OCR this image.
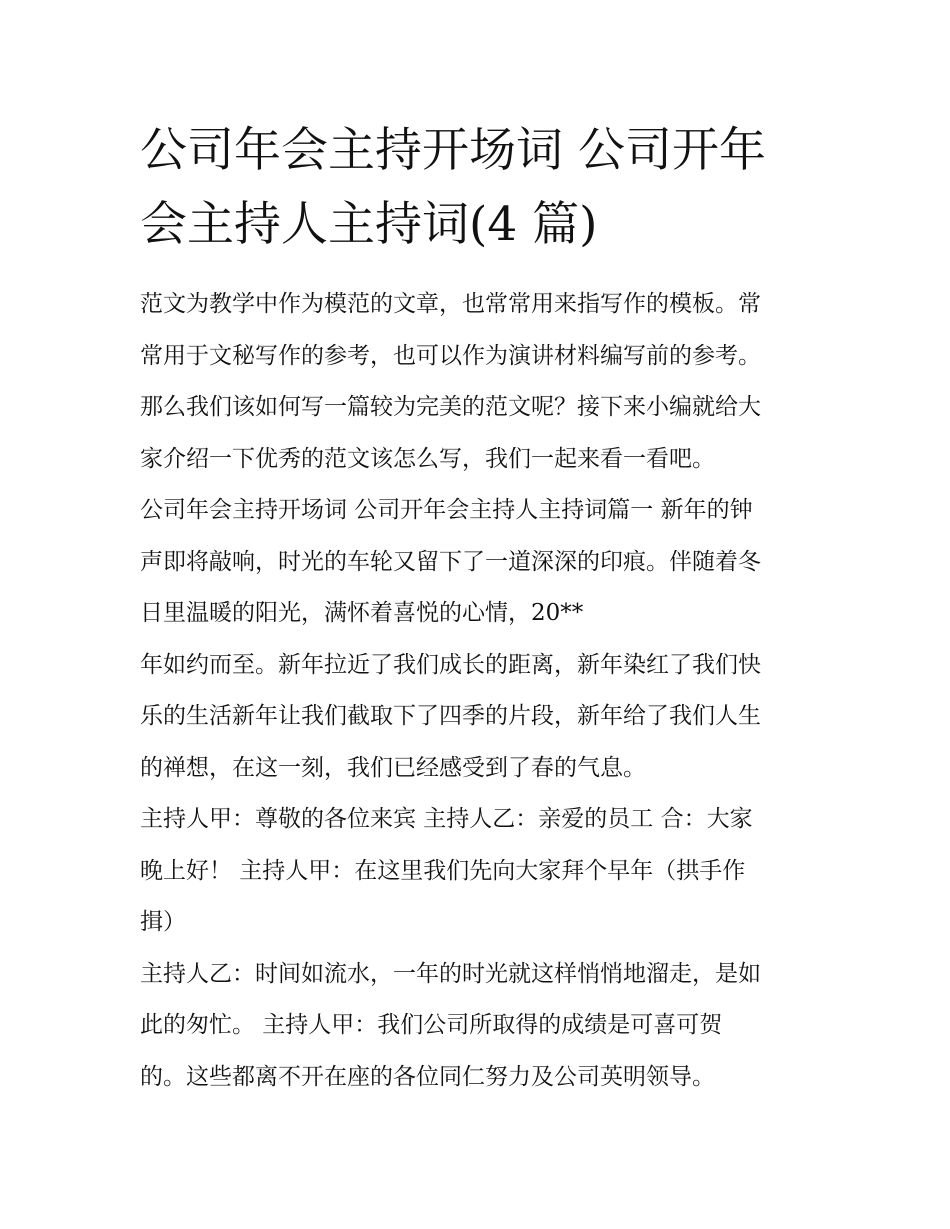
公司年会主持开场词 公司开年
会主持人主持词(4 篇)
范文为教学中作为模范的文章，也常常用来指写作的模板。常
常用于文秘写作的参考，也可以作为演讲材料编写前的参考。
那么我们该如何写一篇较为完美的范文呢？接下来小编就给大
家介绍一下优秀的范文该怎么写，我们一起来看一看吧。
公司年会主持开场词 公司开年会主持人主持词篇一 新年的钟
声即将敲响，时光的车轮又留下了一道深深的印痕。伴随着冬
日里温暖的阳光，满怀着喜悦的心情，20**
年如约而至。新年拉近了我们成长的距离，新年染红了我们快
乐的生活新年让我们截取下了四季的片段，新年给了我们人生
的禅想，在这一刻，我们已经感受到了春的气息。
主持人甲：尊敬的各位来宾 主持人乙：亲爱的员工 合：大家
晚上好！ 主持人甲：在这里我们先向大家拜个早年（拱手作
揖）
主持人乙：时间如流水，一年的时光就这样悄悄地溜走，是如
此的匆忙。 主持人甲：我们公司所取得的成绩是可喜可贺
的。这些都离不开在座的各位同仁努力及公司英明领导。
